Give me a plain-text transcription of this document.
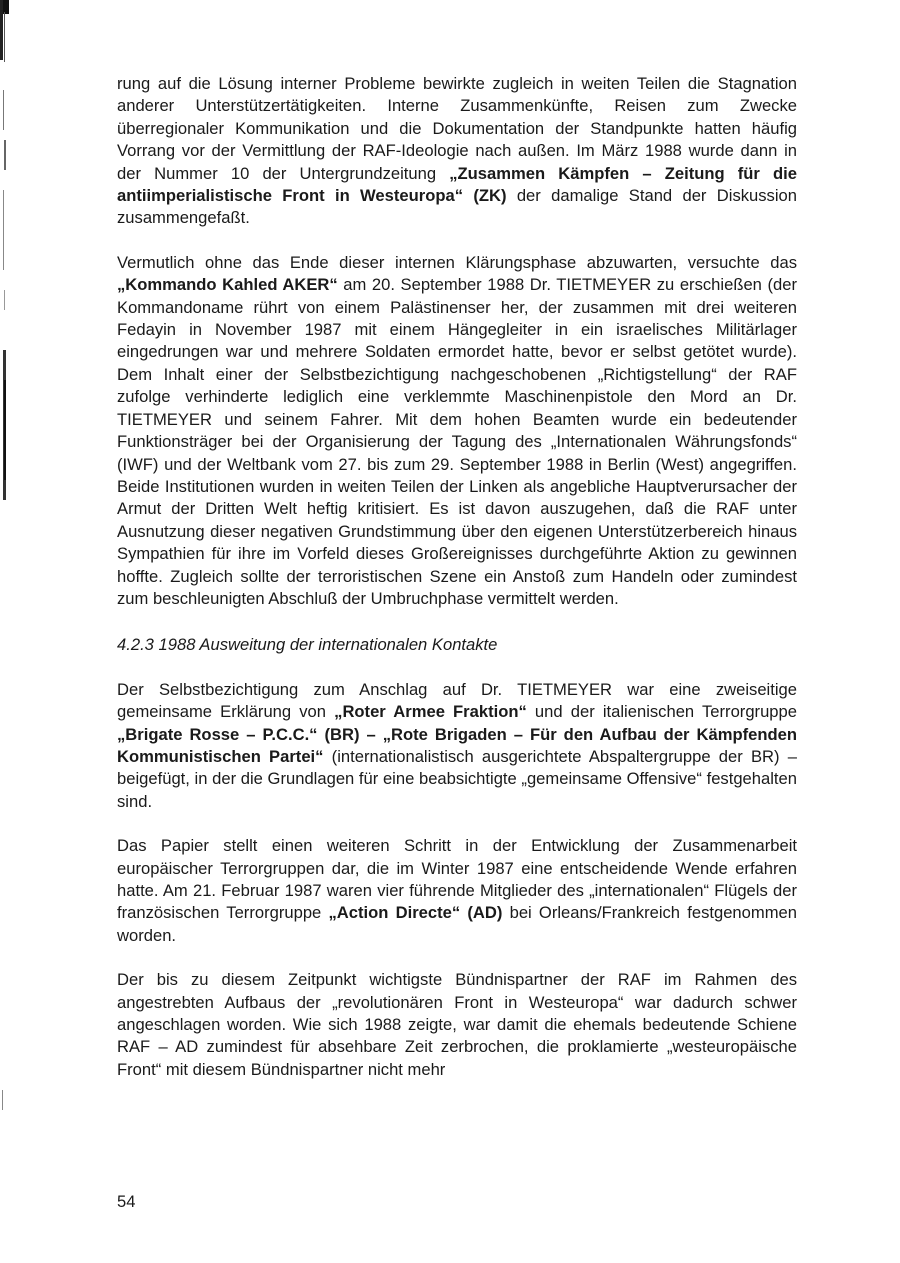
rung auf die Lösung interner Probleme bewirkte zugleich in weiten Teilen die Stagnation anderer Unterstützertätigkeiten. Interne Zusammenkünfte, Reisen zum Zwecke überregionaler Kommunikation und die Dokumentation der Standpunkte hatten häufig Vorrang vor der Vermittlung der RAF-Ideologie nach außen. Im März 1988 wurde dann in der Nummer 10 der Untergrundzeitung „Zusammen Kämpfen – Zeitung für die antiimperialistische Front in Westeuropa“ (ZK) der damalige Stand der Diskussion zusammengefaßt.

Vermutlich ohne das Ende dieser internen Klärungsphase abzuwarten, versuchte das „Kommando Kahled AKER“ am 20. September 1988 Dr. TIETMEYER zu erschießen (der Kommandoname rührt von einem Palästinenser her, der zusammen mit drei weiteren Fedayin in November 1987 mit einem Hängegleiter in ein israelisches Militärlager eingedrungen war und mehrere Soldaten ermordet hatte, bevor er selbst getötet wurde). Dem Inhalt einer der Selbstbezichtigung nachgeschobenen „Richtigstellung“ der RAF zufolge verhinderte lediglich eine verklemmte Maschinenpistole den Mord an Dr. TIETMEYER und seinem Fahrer. Mit dem hohen Beamten wurde ein bedeutender Funktionsträger bei der Organisierung der Tagung des „Internationalen Währungsfonds“ (IWF) und der Weltbank vom 27. bis zum 29. September 1988 in Berlin (West) angegriffen. Beide Institutionen wurden in weiten Teilen der Linken als angebliche Hauptverursacher der Armut der Dritten Welt heftig kritisiert. Es ist davon auszugehen, daß die RAF unter Ausnutzung dieser negativen Grundstimmung über den eigenen Unterstützerbereich hinaus Sympathien für ihre im Vorfeld dieses Großereignisses durchgeführte Aktion zu gewinnen hoffte. Zugleich sollte der terroristischen Szene ein Anstoß zum Handeln oder zumindest zum beschleunigten Abschluß der Umbruchphase vermittelt werden.

4.2.3 1988 Ausweitung der internationalen Kontakte

Der Selbstbezichtigung zum Anschlag auf Dr. TIETMEYER war eine zweiseitige gemeinsame Erklärung von „Roter Armee Fraktion“ und der italienischen Terrorgruppe „Brigate Rosse – P.C.C.“ (BR) – „Rote Brigaden – Für den Aufbau der Kämpfenden Kommunistischen Partei“ (internationalistisch ausgerichtete Abspaltergruppe der BR) – beigefügt, in der die Grundlagen für eine beabsichtigte „gemeinsame Offensive“ festgehalten sind.

Das Papier stellt einen weiteren Schritt in der Entwicklung der Zusammenarbeit europäischer Terrorgruppen dar, die im Winter 1987 eine entscheidende Wende erfahren hatte. Am 21. Februar 1987 waren vier führende Mitglieder des „internationalen“ Flügels der französischen Terrorgruppe „Action Directe“ (AD) bei Orleans/Frankreich festgenommen worden.

Der bis zu diesem Zeitpunkt wichtigste Bündnispartner der RAF im Rahmen des angestrebten Aufbaus der „revolutionären Front in Westeuropa“ war dadurch schwer angeschlagen worden. Wie sich 1988 zeigte, war damit die ehemals bedeutende Schiene RAF – AD zumindest für absehbare Zeit zerbrochen, die proklamierte „westeuropäische Front“ mit diesem Bündnispartner nicht mehr

54
